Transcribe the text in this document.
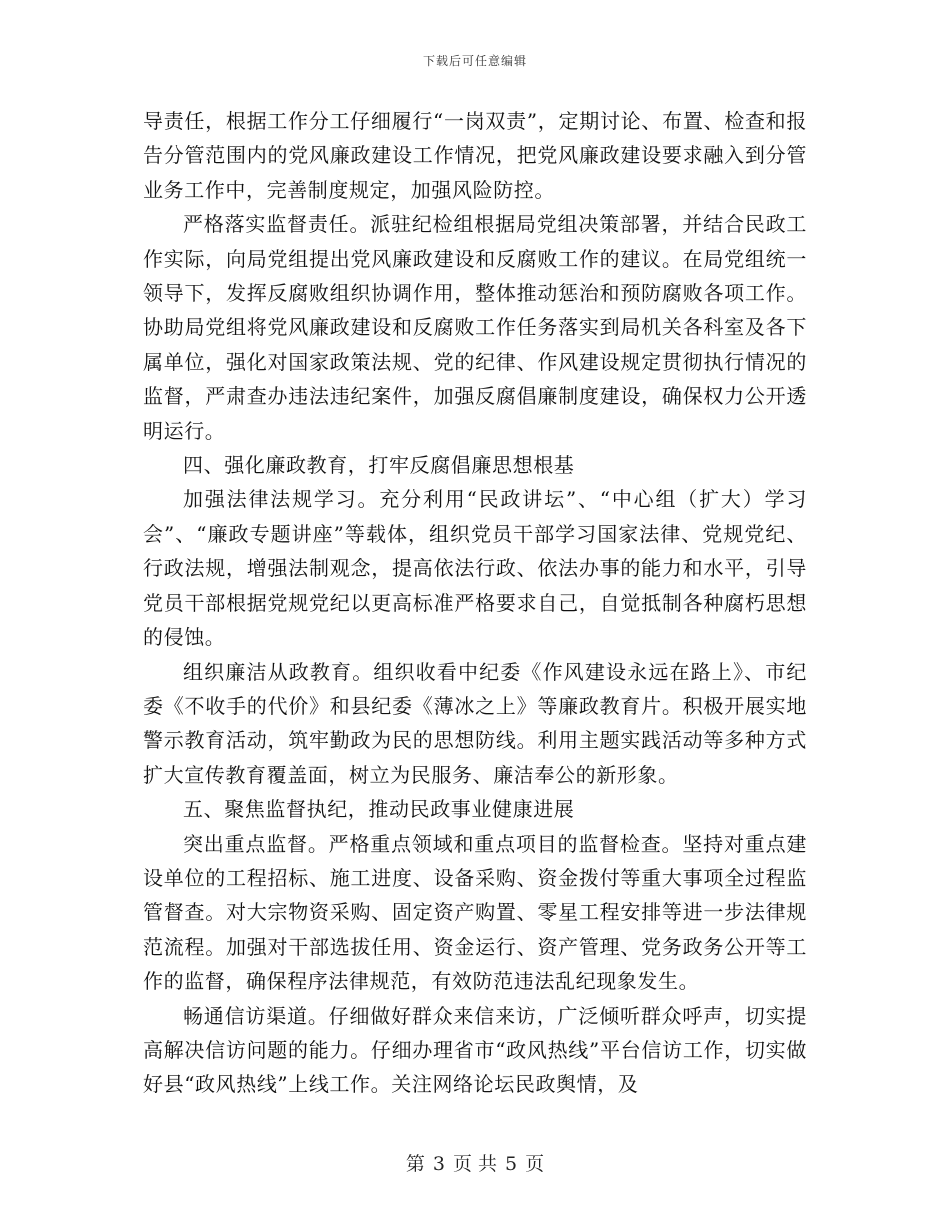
下载后可任意编辑

导责任，根据工作分工仔细履行“一岗双责”，定期讨论、布置、检查和报告分管范围内的党风廉政建设工作情况，把党风廉政建设要求融入到分管业务工作中，完善制度规定，加强风险防控。

严格落实监督责任。派驻纪检组根据局党组决策部署，并结合民政工作实际，向局党组提出党风廉政建设和反腐败工作的建议。在局党组统一领导下，发挥反腐败组织协调作用，整体推动惩治和预防腐败各项工作。协助局党组将党风廉政建设和反腐败工作任务落实到局机关各科室及各下属单位，强化对国家政策法规、党的纪律、作风建设规定贯彻执行情况的监督，严肃查办违法违纪案件，加强反腐倡廉制度建设，确保权力公开透明运行。

四、强化廉政教育，打牢反腐倡廉思想根基

加强法律法规学习。充分利用“民政讲坛”、“中心组（扩大）学习会”、“廉政专题讲座”等载体，组织党员干部学习国家法律、党规党纪、行政法规，增强法制观念，提高依法行政、依法办事的能力和水平，引导党员干部根据党规党纪以更高标准严格要求自己，自觉抵制各种腐朽思想的侵蚀。

组织廉洁从政教育。组织收看中纪委《作风建设永远在路上》、市纪委《不收手的代价》和县纪委《薄冰之上》等廉政教育片。积极开展实地警示教育活动，筑牢勤政为民的思想防线。利用主题实践活动等多种方式扩大宣传教育覆盖面，树立为民服务、廉洁奉公的新形象。

五、聚焦监督执纪，推动民政事业健康进展

突出重点监督。严格重点领域和重点项目的监督检查。坚持对重点建设单位的工程招标、施工进度、设备采购、资金拨付等重大事项全过程监管督查。对大宗物资采购、固定资产购置、零星工程安排等进一步法律规范流程。加强对干部选拔任用、资金运行、资产管理、党务政务公开等工作的监督，确保程序法律规范，有效防范违法乱纪现象发生。

畅通信访渠道。仔细做好群众来信来访，广泛倾听群众呼声，切实提高解决信访问题的能力。仔细办理省市“政风热线”平台信访工作，切实做好县“政风热线”上线工作。关注网络论坛民政舆情，及

第 3 页 共 5 页
